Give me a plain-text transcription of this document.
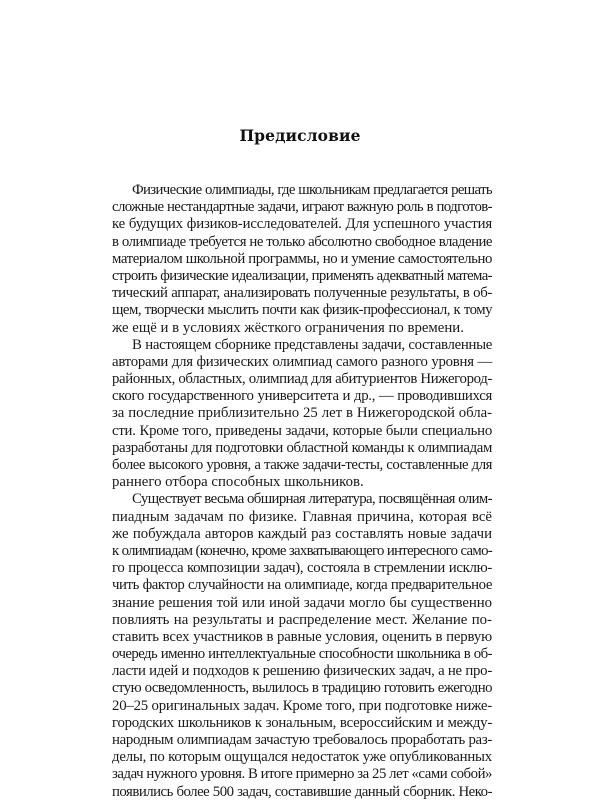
Предисловие
Физические олимпиады, где школьникам предлагается решать
сложные нестандартные задачи, играют важную роль в подготов-
ке будущих физиков-исследователей. Для успешного участия
в олимпиаде требуется не только абсолютно свободное владение
материалом школьной программы, но и умение самостоятельно
строить физические идеализации, применять адекватный матема-
тический аппарат, анализировать полученные результаты, в об-
щем, творчески мыслить почти как физик-профессионал, к тому
же ещё и в условиях жёсткого ограничения по времени.
В настоящем сборнике представлены задачи, составленные
авторами для физических олимпиад самого разного уровня —
районных, областных, олимпиад для абитуриентов Нижегород-
ского государственного университета и др., — проводившихся
за последние приблизительно 25 лет в Нижегородской обла-
сти. Кроме того, приведены задачи, которые были специально
разработаны для подготовки областной команды к олимпиадам
более высокого уровня, а также задачи-тесты, составленные для
раннего отбора способных школьников.
Существует весьма обширная литература, посвящённая олим-
пиадным задачам по физике. Главная причина, которая всё
же побуждала авторов каждый раз составлять новые задачи
к олимпиадам (конечно, кроме захватывающего интересного само-
го процесса композиции задач), состояла в стремлении исклю-
чить фактор случайности на олимпиаде, когда предварительное
знание решения той или иной задачи могло бы существенно
повлиять на результаты и распределение мест. Желание по-
ставить всех участников в равные условия, оценить в первую
очередь именно интеллектуальные способности школьника в об-
ласти идей и подходов к решению физических задач, а не про-
стую осведомленность, вылилось в традицию готовить ежегодно
20–25 оригинальных задач. Кроме того, при подготовке ниже-
городских школьников к зональным, всероссийским и между-
народным олимпиадам зачастую требовалось проработать раз-
делы, по которым ощущался недостаток уже опубликованных
задач нужного уровня. В итоге примерно за 25 лет «сами собой»
появились более 500 задач, составившие данный сборник. Неко-
